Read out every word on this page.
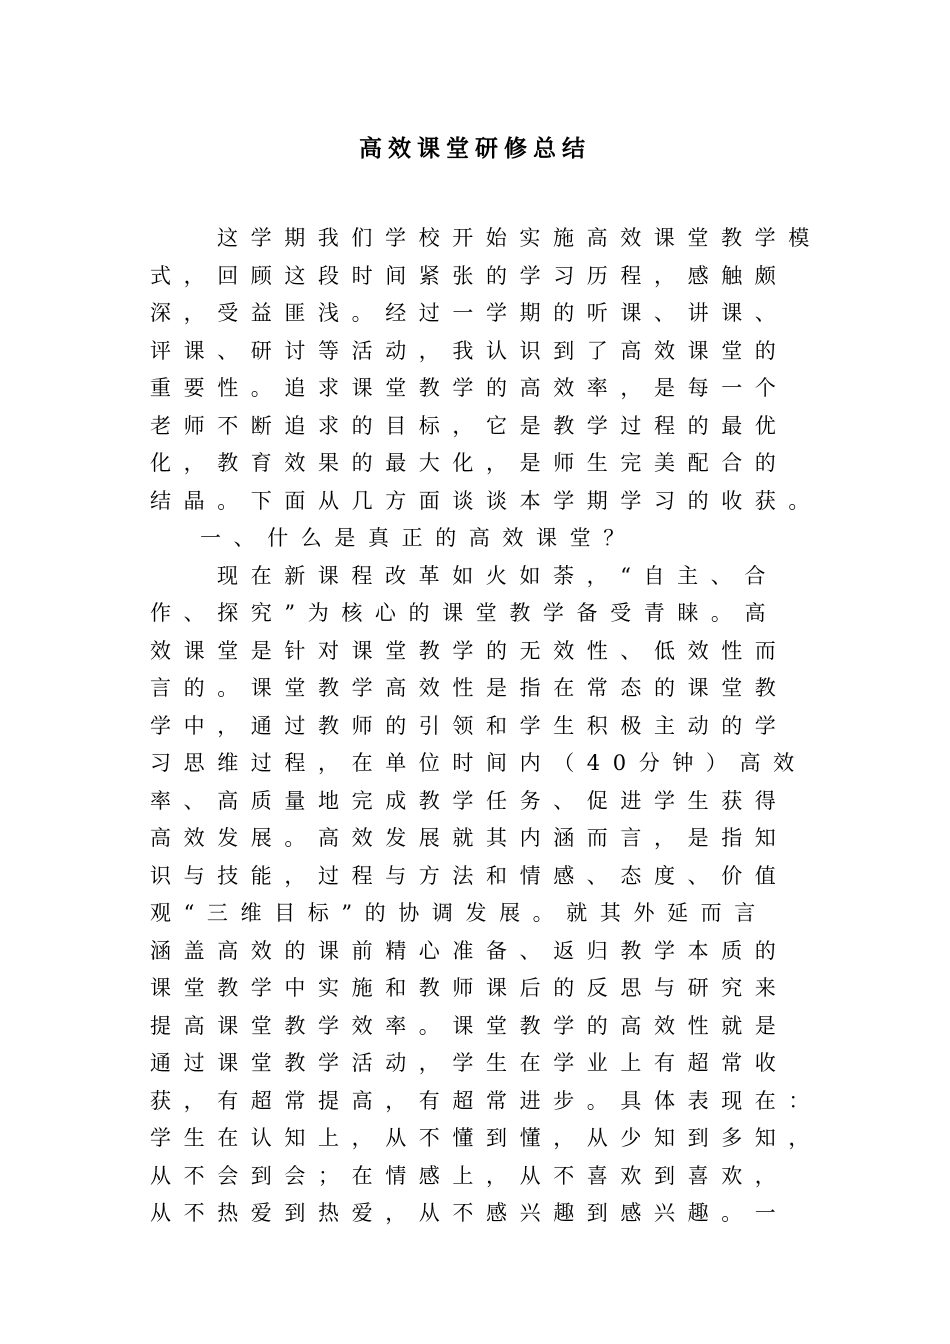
高效课堂研修总结
这学期我们学校开始实施高效课堂教学模
式，回顾这段时间紧张的学习历程，感触颇
深，受益匪浅。经过一学期的听课、讲课、
评课、研讨等活动，我认识到了高效课堂的
重要性。追求课堂教学的高效率，是每一个
老师不断追求的目标，它是教学过程的最优
化，教育效果的最大化，是师生完美配合的
结晶。下面从几方面谈谈本学期学习的收获。
一、什么是真正的高效课堂？
现在新课程改革如火如荼，“自主、合
作、探究”为核心的课堂教学备受青睐。高
效课堂是针对课堂教学的无效性、低效性而
言的。课堂教学高效性是指在常态的课堂教
学中，通过教师的引领和学生积极主动的学
习思维过程，在单位时间内（40分钟）高效
率、高质量地完成教学任务、促进学生获得
高效发展。高效发展就其内涵而言，是指知
识与技能，过程与方法和情感、态度、价值
观“三维目标”的协调发展。就其外延而言
涵盖高效的课前精心准备、返归教学本质的
课堂教学中实施和教师课后的反思与研究来
提高课堂教学效率。课堂教学的高效性就是
通过课堂教学活动，学生在学业上有超常收
获，有超常提高，有超常进步。具体表现在：
学生在认知上，从不懂到懂，从少知到多知，
从不会到会；在情感上，从不喜欢到喜欢，
从不热爱到热爱，从不感兴趣到感兴趣。一
